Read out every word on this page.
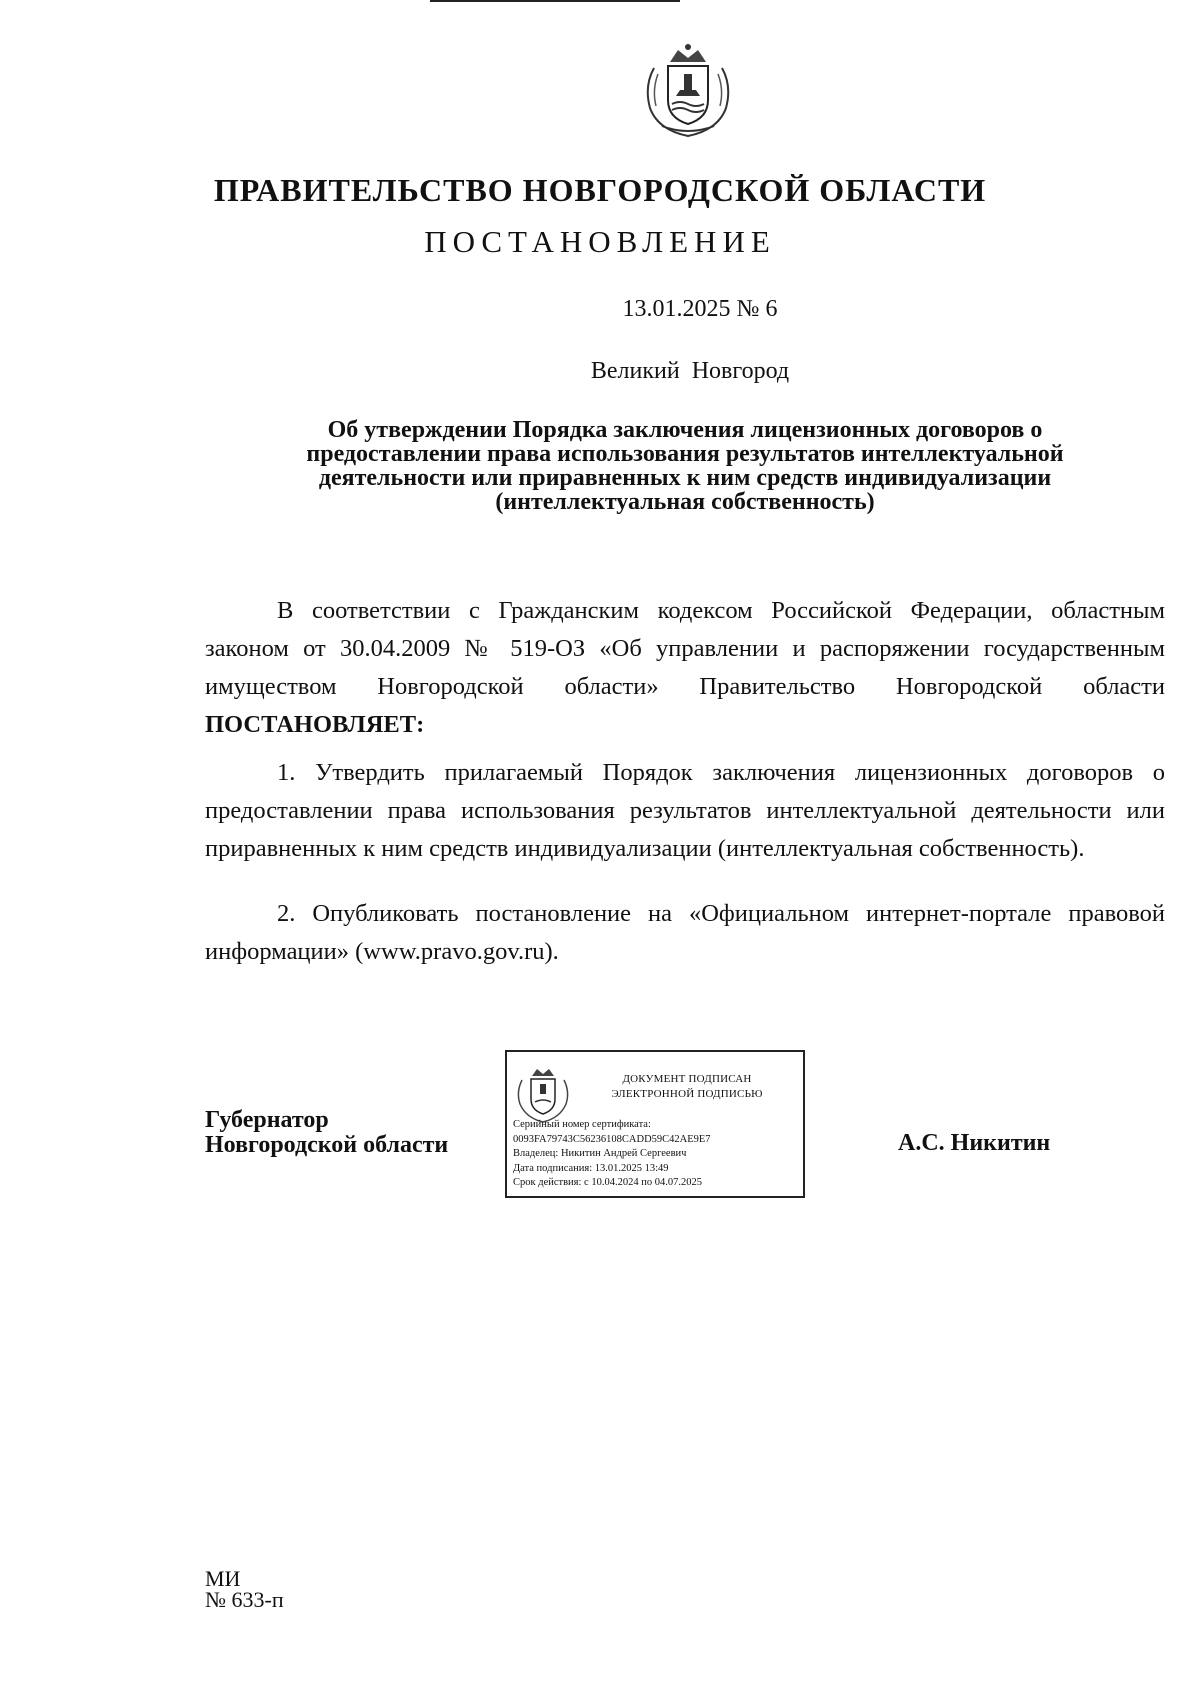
ПРАВИТЕЛЬСТВО НОВГОРОДСКОЙ ОБЛАСТИ
ПОСТАНОВЛЕНИЕ
13.01.2025 № 6
Великий Новгород
Об утверждении Порядка заключения лицензионных договоров о
предоставлении права использования результатов интеллектуальной
деятельности или приравненных к ним средств индивидуализации
(интеллектуальная собственность)

В соответствии с Гражданским кодексом Российской Федерации, областным законом от 30.04.2009 № 519-ОЗ «Об управлении и распоряжении государственным имуществом Новгородской области» Правительство Новгородской области ПОСТАНОВЛЯЕТ:

1. Утвердить прилагаемый Порядок заключения лицензионных договоров о предоставлении права использования результатов интеллектуальной деятельности или приравненных к ним средств индивидуализации (интеллектуальная собственность).

2. Опубликовать постановление на «Официальном интернет-портале правовой информации» (www.pravo.gov.ru).

Губернатор
Новгородской области
ДОКУМЕНТ ПОДПИСАН
ЭЛЕКТРОННОЙ ПОДПИСЬЮ
Серийный номер сертификата:
0093FA79743C56236108CADD59C42AE9E7
Владелец: Никитин Андрей Сергеевич
Дата подписания: 13.01.2025 13:49
Срок действия: с 10.04.2024 по 04.07.2025
А.С. Никитин
МИ
№ 633-п
